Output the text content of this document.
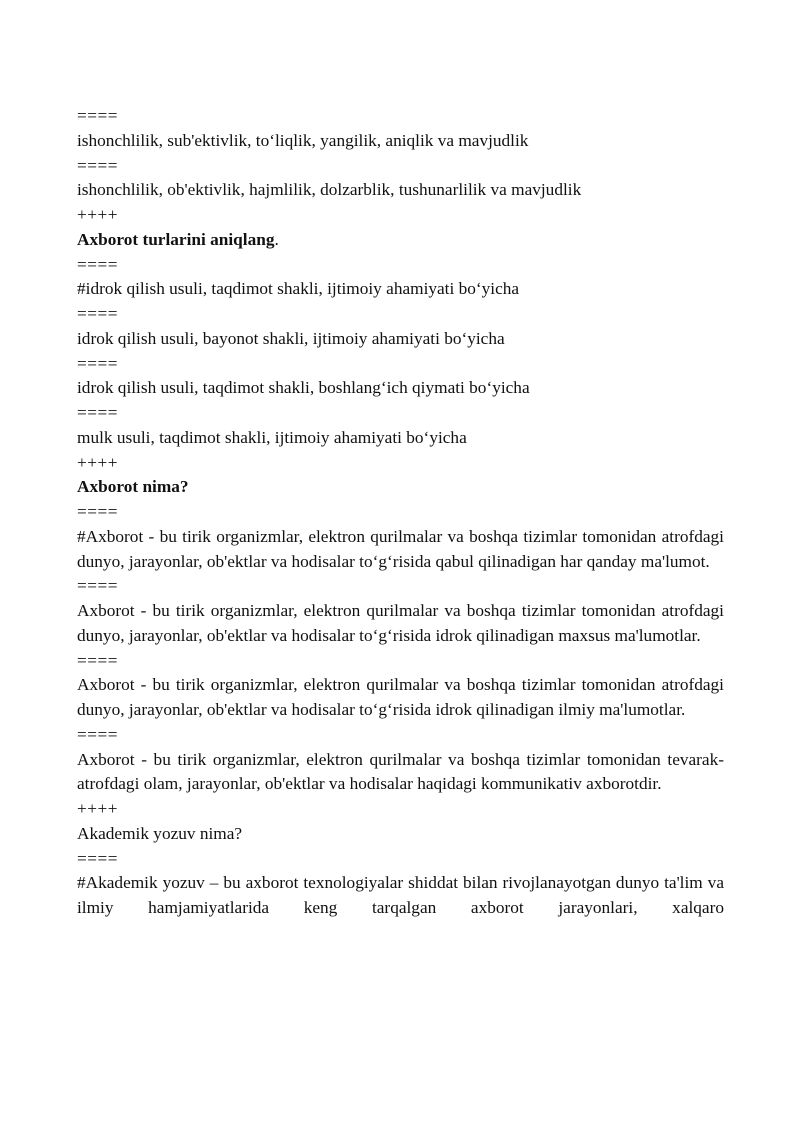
====
ishonchlilik, sub'ektivlik, toʻliqlik, yangilik, aniqlik va mavjudlik
====
ishonchlilik, ob'ektivlik, hajmlilik, dolzarblik, tushunarlilik va mavjudlik
++++
Axborot turlarini aniqlang.
====
#idrok qilish usuli, taqdimot shakli, ijtimoiy ahamiyati boʻyicha
====
idrok qilish usuli, bayonot shakli, ijtimoiy ahamiyati boʻyicha
====
idrok qilish usuli, taqdimot shakli, boshlangʻich qiymati boʻyicha
====
mulk usuli, taqdimot shakli, ijtimoiy ahamiyati boʻyicha
++++
Axborot nima?
====
#Axborot - bu tirik organizmlar, elektron qurilmalar va boshqa tizimlar tomonidan atrofdagi dunyo, jarayonlar, ob'ektlar va hodisalar toʻgʻrisida qabul qilinadigan har qanday ma'lumot.
====
Axborot - bu tirik organizmlar, elektron qurilmalar va boshqa tizimlar tomonidan atrofdagi dunyo, jarayonlar, ob'ektlar va hodisalar toʻgʻrisida idrok qilinadigan maxsus ma'lumotlar.
====
Axborot - bu tirik organizmlar, elektron qurilmalar va boshqa tizimlar tomonidan atrofdagi dunyo, jarayonlar, ob'ektlar va hodisalar toʻgʻrisida idrok qilinadigan ilmiy ma'lumotlar.
====
Axborot - bu tirik organizmlar, elektron qurilmalar va boshqa tizimlar tomonidan tevarak-atrofdagi olam, jarayonlar, ob'ektlar va hodisalar haqidagi kommunikativ axborotdir.
++++
Akademik yozuv nima?
====
#Akademik yozuv – bu axborot texnologiyalar shiddat bilan rivojlanayotgan dunyo ta'lim va ilmiy hamjamiyatlarida keng tarqalgan axborot jarayonlari, xalqaro
